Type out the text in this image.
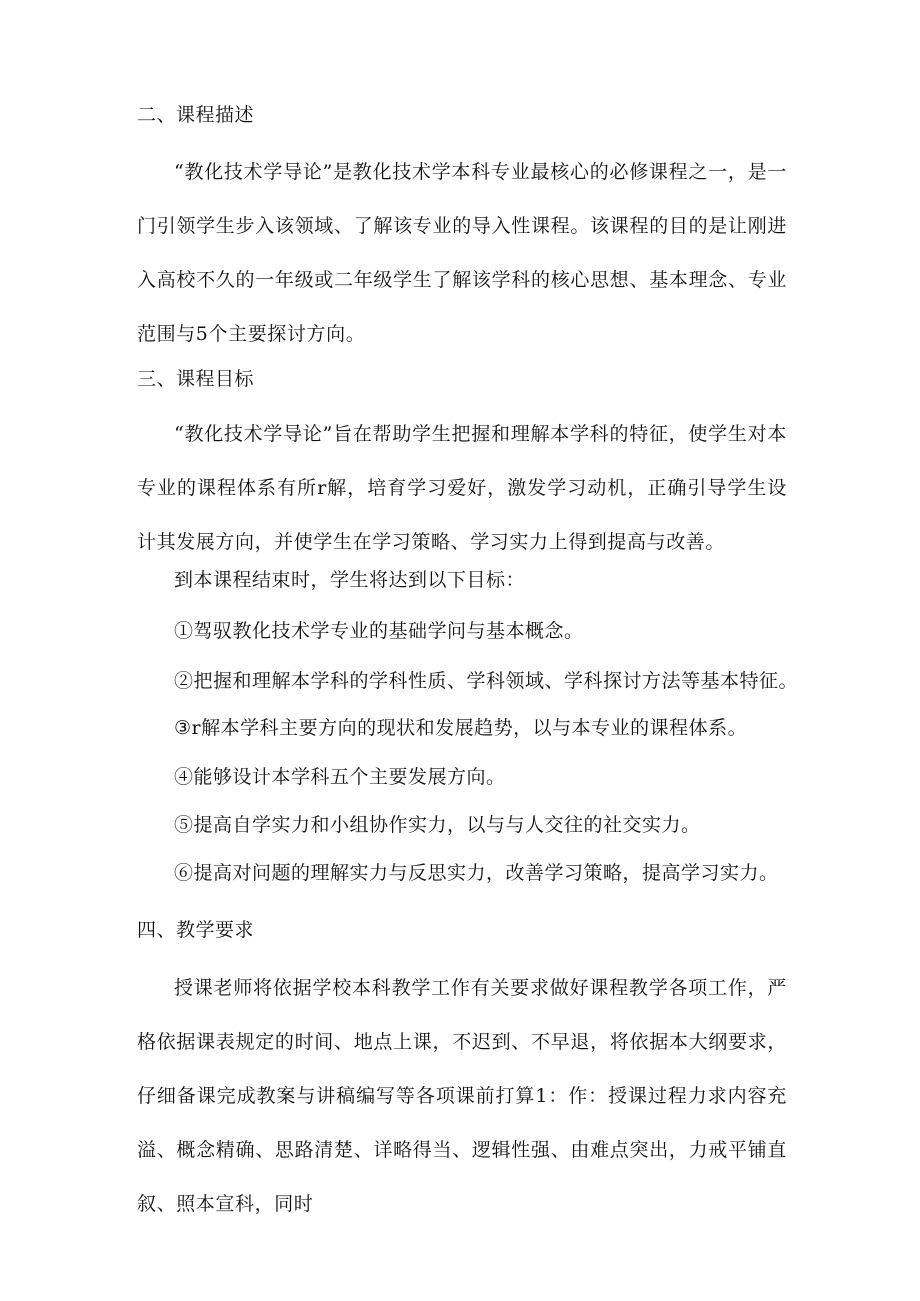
二、课程描述

“教化技术学导论”是教化技术学本科专业最核心的必修课程之一，是一门引领学生步入该领域、了解该专业的导入性课程。该课程的目的是让刚进入高校不久的一年级或二年级学生了解该学科的核心思想、基本理念、专业范围与5个主要探讨方向。

三、课程目标

“教化技术学导论”旨在帮助学生把握和理解本学科的特征，使学生对本专业的课程体系有所r解，培育学习爱好，激发学习动机，正确引导学生设计其发展方向，并使学生在学习策略、学习实力上得到提高与改善。

到本课程结束时，学生将达到以下目标：

①驾驭教化技术学专业的基础学问与基本概念。

②把握和理解本学科的学科性质、学科领域、学科探讨方法等基本特征。

③r解本学科主要方向的现状和发展趋势，以与本专业的课程体系。

④能够设计本学科五个主要发展方向。

⑤提高自学实力和小组协作实力，以与与人交往的社交实力。

⑥提高对问题的理解实力与反思实力，改善学习策略，提高学习实力。

四、教学要求

授课老师将依据学校本科教学工作有关要求做好课程教学各项工作，严格依据课表规定的时间、地点上课，不迟到、不早退，将依据本大纲要求，仔细备课完成教案与讲稿编写等各项课前打算1：作：授课过程力求内容充溢、概念精确、思路清楚、详略得当、逻辑性强、由难点突出，力戒平铺直叙、照本宣科，同时
